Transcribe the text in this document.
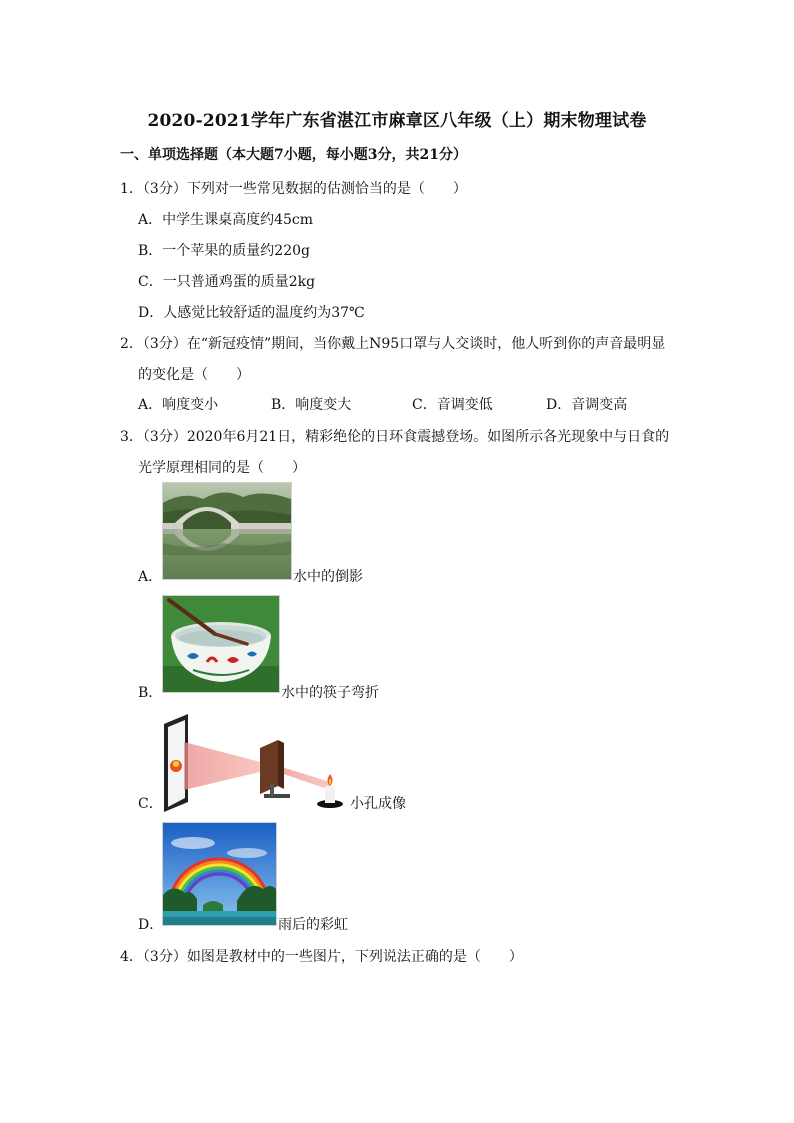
2020-2021学年广东省湛江市麻章区八年级（上）期末物理试卷
一、单项选择题（本大题7小题，每小题3分，共21分）
1．（3分）下列对一些常见数据的估测恰当的是（　　）
A．中学生课桌高度约45cm
B．一个苹果的质量约220g
C．一只普通鸡蛋的质量2kg
D．人感觉比较舒适的温度约为37℃
2．（3分）在“新冠疫情”期间，当你戴上N95口罩与人交谈时，他人听到你的声音最明显
的变化是（　　）
A．响度变小	B．响度变大	C．音调变低	D．音调变高
3．（3分）2020年6月21日，精彩绝伦的日环食震撼登场。如图所示各光现象中与日食的
光学原理相同的是（　　）
A．	水中的倒影
B．	水中的筷子弯折
C．	小孔成像
D．	雨后的彩虹
4．（3分）如图是教材中的一些图片，下列说法正确的是（　　）
